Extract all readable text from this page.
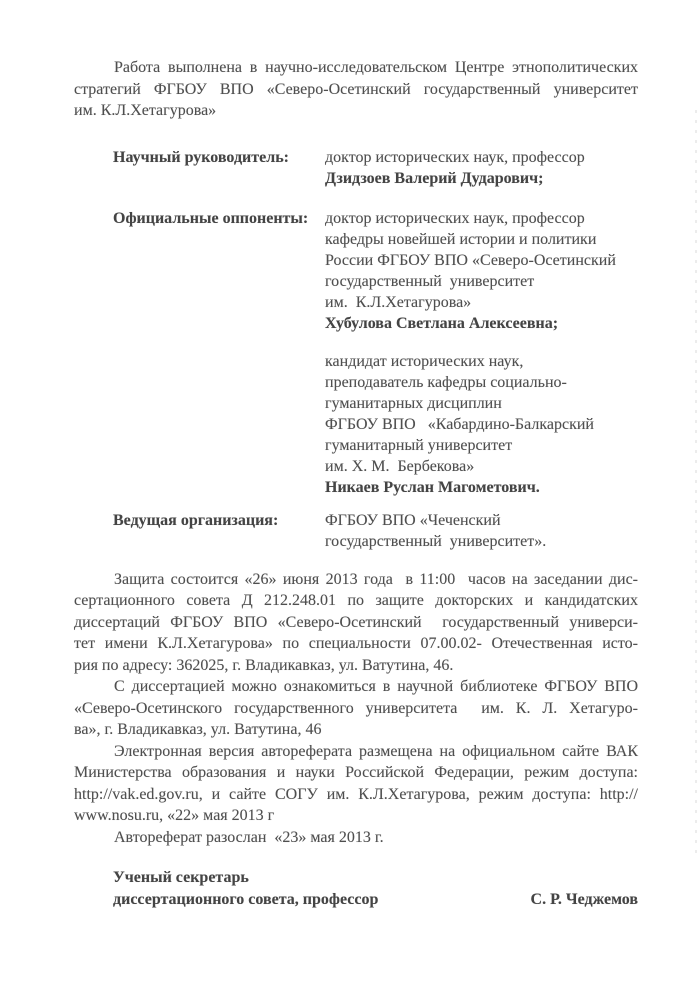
Работа выполнена в научно-исследовательском Центре этнополитических
стратегий ФГБОУ ВПО «Северо-Осетинский государственный университет
им. К.Л.Хетагурова»
Научный руководитель:	доктор исторических наук, профессор
Дзидзоев Валерий Дударович;
Официальные оппоненты:	доктор исторических наук, профессор
кафедры новейшей истории и политики
России ФГБОУ ВПО «Северо-Осетинский
государственный  университет
им.  К.Л.Хетагурова»
Хубулова Светлана Алексеевна;
кандидат исторических наук,
преподаватель кафедры социально-
гуманитарных дисциплин
ФГБОУ ВПО   «Кабардино-Балкарский
гуманитарный университет
им. Х. М.  Бербекова»
Никаев Руслан Магометович.
Ведущая организация:	ФГБОУ ВПО «Чеченский
государственный  университет».
Защита состоится «26» июня 2013 года  в 11:00  часов на заседании дис-
сертационного совета Д 212.248.01 по защите докторских и кандидатских
диссертаций ФГБОУ ВПО «Северо-Осетинский  государственный универси-
тет имени К.Л.Хетагурова» по специальности 07.00.02- Отечественная исто-
рия по адресу: 362025, г. Владикавказ, ул. Ватутина, 46.
С диссертацией можно ознакомиться в научной библиотеке ФГБОУ ВПО
«Северо-Осетинского государственного университета  им. К. Л. Хетагуро-
ва», г. Владикавказ, ул. Ватутина, 46
Электронная версия автореферата размещена на официальном сайте ВАК
Министерства образования и науки Российской Федерации, режим доступа:
http://vak.ed.gov.ru, и сайте СОГУ им. К.Л.Хетагурова, режим доступа: http://
www.nosu.ru, «22» мая 2013 г
Автореферат разослан  «23» мая 2013 г.
Ученый секретарь
диссертационного совета, профессор	С. Р. Чеджемов
